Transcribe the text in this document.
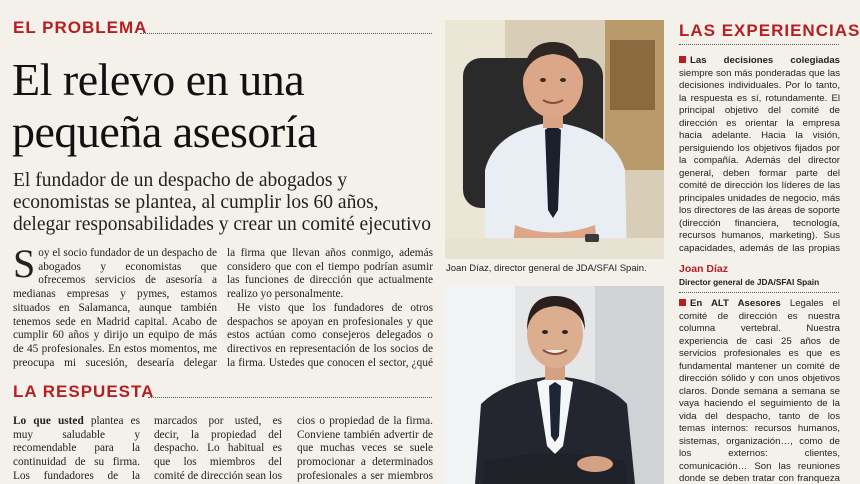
EL PROBLEMA
El relevo en una
pequeña asesoría
El fundador de un despacho de abogados y economistas se plantea, al cumplir los 60 años, delegar responsabilidades y crear un comité ejecutivo
Soy el socio fundador de un despacho de abogados y economistas que ofrecemos servicios de asesoría a medianas empresas y pymes, estamos situados en Salamanca, aunque también tenemos sede en Madrid capital. Acabo de cumplir 60 años y dirijo un equipo de más de 45 profesionales. En estos momentos, me preocupa mi sucesión, desearía delegar

la firma que llevan años conmigo, además considero que con el tiempo podrían asumir las funciones de dirección que actualmente realizo yo personalmente.

He visto que los fundadores de otros despachos se apoyan en profesionales y que estos actúan como consejeros delegados o directivos en representación de los socios de la firma. Ustedes que conocen el sector, ¿qué

LA RESPUESTA
Lo que usted plantea es muy saludable y recomendable para la continuidad de su firma. Los fundadores de la
marcados por usted, es decir, la propiedad del despacho. Lo habitual es que los miembros del comité de dirección sean los
cios o propiedad de la firma. Conviene también advertir de que muchas veces se suele promocionar a determinados profesionales a ser miembros
Joan Díaz, director general de JDA/SFAI Spain.
LAS EXPERIENCIAS

Las decisiones colegiadas siempre son más ponderadas que las decisiones individuales. Por lo tanto, la respuesta es sí, rotundamente. El principal objetivo del comité de dirección es orientar la empresa hacia adelante. Hacia la visión, persiguiendo los objetivos fijados por la compañía. Además del director general, deben formar parte del comité de dirección los líderes de las principales unidades de negocio, más los directores de las áreas de soporte (dirección financiera, tecnología, recursos humanos, marketing). Sus capacidades, además de las propias

Joan Díaz
Director general de JDA/SFAI Spain

En ALT Asesores Legales el comité de dirección es nuestra columna vertebral. Nuestra experiencia de casi 25 años de servicios profesionales es que es fundamental mantener un comité de dirección sólido y con unos objetivos claros. Donde semana a semana se vaya haciendo el seguimiento de la vida del despacho, tanto de los temas internos: recursos humanos, sistemas, organización…, como de los externos: clientes, comunicación… Son las reuniones donde se deben tratar con franqueza
